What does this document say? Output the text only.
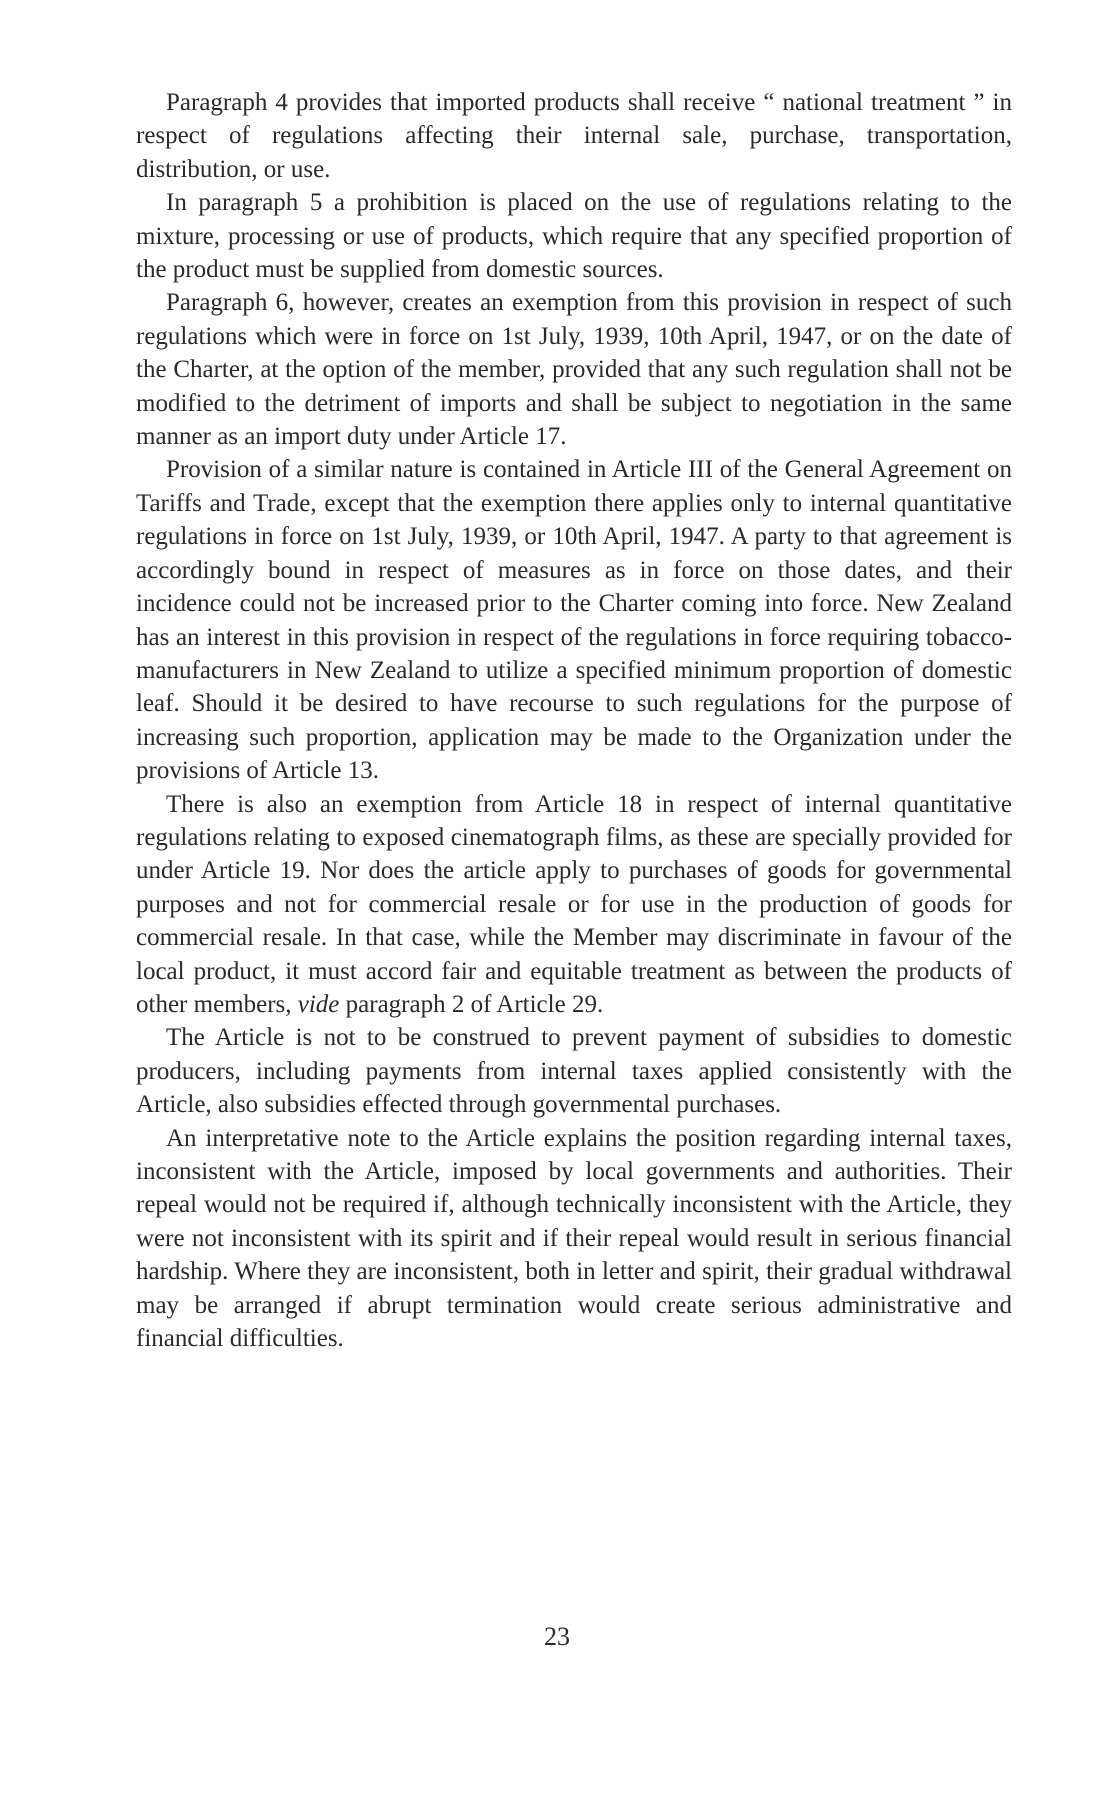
Paragraph 4 provides that imported products shall receive “ national treatment ” in respect of regulations affecting their internal sale, purchase, transportation, distribution, or use.

In paragraph 5 a prohibition is placed on the use of regulations relating to the mixture, processing or use of products, which require that any specified proportion of the product must be supplied from domestic sources.

Paragraph 6, however, creates an exemption from this provision in respect of such regulations which were in force on 1st July, 1939, 10th April, 1947, or on the date of the Charter, at the option of the member, provided that any such regulation shall not be modified to the detriment of imports and shall be subject to negotiation in the same manner as an import duty under Article 17.

Provision of a similar nature is contained in Article III of the General Agreement on Tariffs and Trade, except that the exemption there applies only to internal quantitative regulations in force on 1st July, 1939, or 10th April, 1947. A party to that agreement is accordingly bound in respect of measures as in force on those dates, and their incidence could not be increased prior to the Charter coming into force. New Zealand has an interest in this provision in respect of the regulations in force requiring tobacco-manufacturers in New Zealand to utilize a specified minimum proportion of domestic leaf. Should it be desired to have recourse to such regulations for the purpose of increasing such proportion, application may be made to the Organization under the provisions of Article 13.

There is also an exemption from Article 18 in respect of internal quantitative regulations relating to exposed cinematograph films, as these are specially provided for under Article 19. Nor does the article apply to purchases of goods for governmental purposes and not for commercial resale or for use in the production of goods for commercial resale. In that case, while the Member may discriminate in favour of the local product, it must accord fair and equitable treatment as between the products of other members, vide paragraph 2 of Article 29.

The Article is not to be construed to prevent payment of subsidies to domestic producers, including payments from internal taxes applied consistently with the Article, also subsidies effected through governmental purchases.

An interpretative note to the Article explains the position regarding internal taxes, inconsistent with the Article, imposed by local governments and authorities. Their repeal would not be required if, although technically inconsistent with the Article, they were not inconsistent with its spirit and if their repeal would result in serious financial hardship. Where they are inconsistent, both in letter and spirit, their gradual withdrawal may be arranged if abrupt termination would create serious administrative and financial difficulties.

23
